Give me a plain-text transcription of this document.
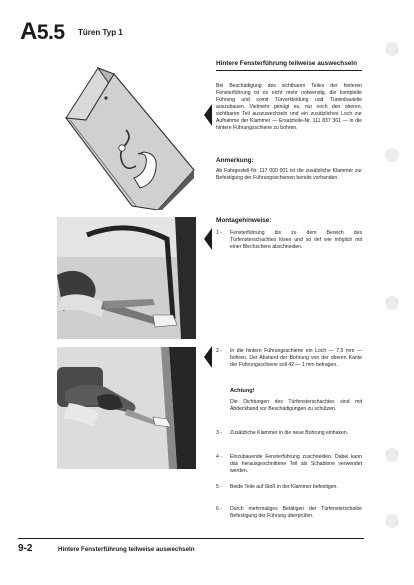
A5.5 Türen Typ 1
Hintere Fensterführung teilweise auswechseln
Bei Beschädigung des sichtbaren Teiles der hinteren Fensterführung ist es nicht mehr notwendig, die komplette Führung und somit Türverkleidung und Türeinbauteile auszubauen. Vielmehr genügt es, nur noch den oberen, sichtbaren Teil auszuwechseln und ein zusätzliches Loch zur Aufnahme der Klammer — Ersatzteile-Nr. 111 837 361 — in die hintere Führungsschiene zu bohren.
Anmerkung:
Ab Fahrgestell-Nr. 117 000 001 ist die zusätzliche Klammer zur Befestigung der Führungsschienen bereits vorhanden.
Montagehinweise:
1 -	Fensterführung bis zu dem Bereich des Türfensterschachtes lösen und so tief wie möglich mit einer Blechschere abschneiden.
2 -	In die hintere Führungsschiene ein Loch — 7,5 mm — bohren. Der Abstand der Bohrung von der oberen Kante der Führungsschiene soll 42 — 1 mm betragen.
Achtung!
Die Dichtungen des Türfensterschachtes sind mit Abdeckband vor Beschädigungen zu schützen.
3 -	Zusätzliche Klammer in die neue Bohrung einhaken.
4 -	Einzubauende Fensterführung zuschneiden. Dabei kann das herausgeschnittene Teil als Schablone verwendet werden.
5 -	Beide Teile auf Stoß in der Klammer befestigen.
6 -	Durch mehrmaliges Betätigen der Türfensterscheibe Befestigung der Führung überprüfen.
9-2	Hintere Fensterführung teilweise auswechseln
